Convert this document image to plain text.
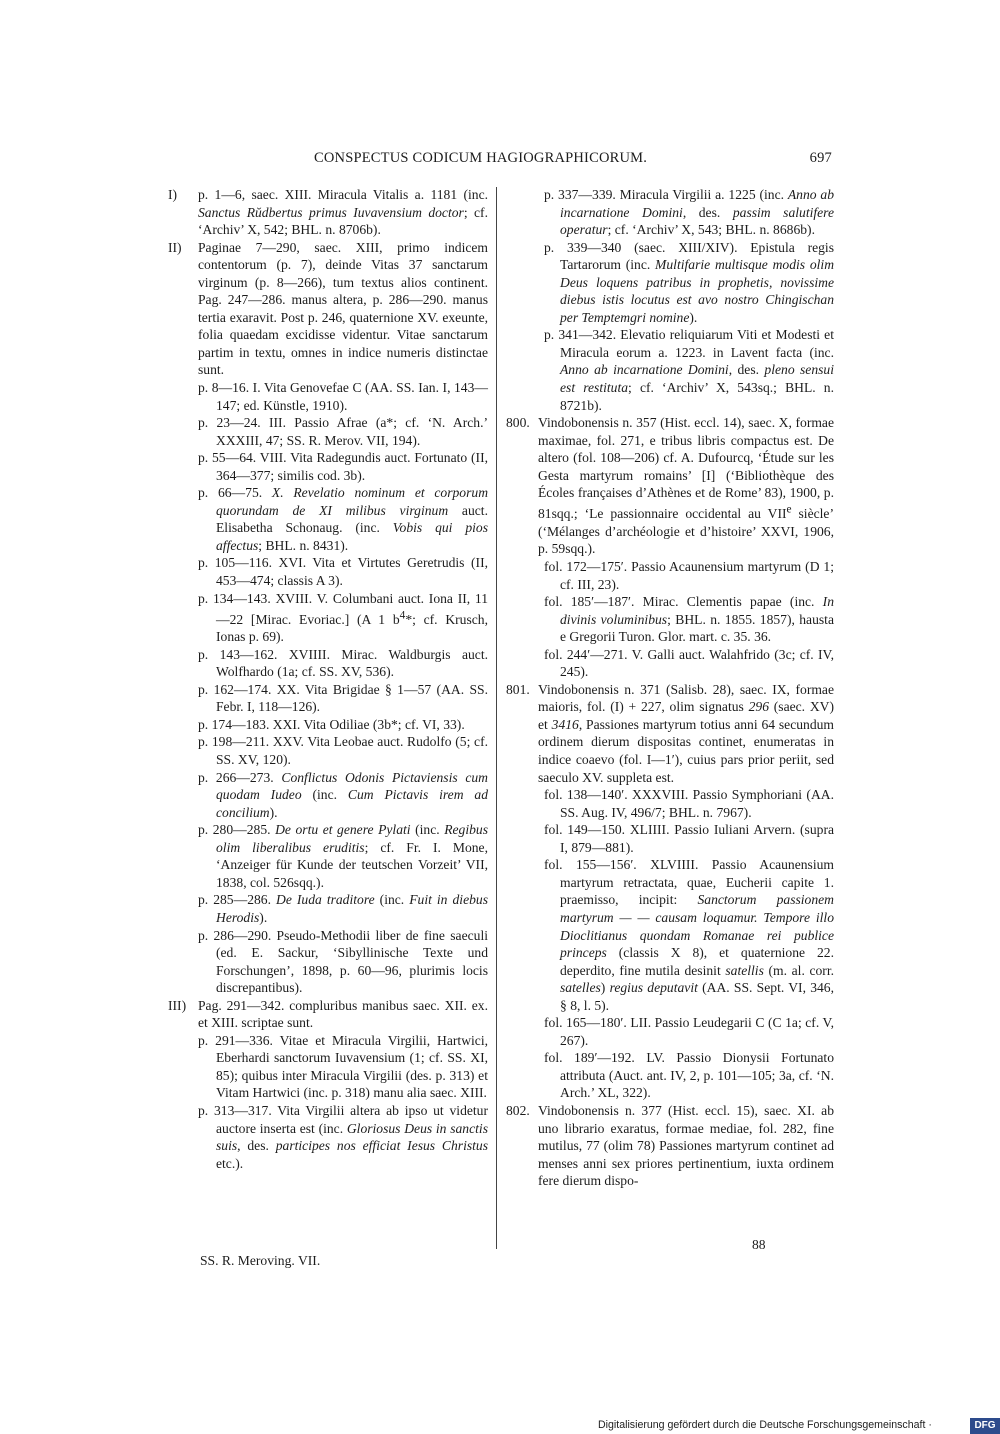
CONSPECTUS CODICUM HAGIOGRAPHICORUM.	697
I) p. 1—6, saec. XIII. Miracula Vitalis a. 1181 (inc. Sanctus Rŭdbertus primus Iuvavensium doctor; cf. ‘Archiv’ X, 542; BHL. n. 8706b).
II) Paginae 7—290, saec. XIII, primo indicem contentorum (p. 7), deinde Vitas 37 sanctarum virginum (p. 8—266), tum textus alios continent. Pag. 247—286. manus altera, p. 286—290. manus tertia exaravit. Post p. 246, quaternione XV. exeunte, folia quaedam excidisse videntur. Vitae sanctarum partim in textu, omnes in indice numeris distinctae sunt.
p. 8—16. I. Vita Genovefae C (AA. SS. Ian. I, 143—147; ed. Künstle, 1910).
p. 23—24. III. Passio Afrae (a*; cf. ‘N. Arch.’ XXXIII, 47; SS. R. Merov. VII, 194).
p. 55—64. VIII. Vita Radegundis auct. Fortunato (II, 364—377; similis cod. 3b).
p. 66—75. X. Revelatio nominum et corporum quorundam de XI milibus virginum auct. Elisabetha Schonaug. (inc. Vobis qui pios affectus; BHL. n. 8431).
p. 105—116. XVI. Vita et Virtutes Geretrudis (II, 453—474; classis A 3).
p. 134—143. XVIII. V. Columbani auct. Iona II, 11—22 [Mirac. Evoriac.] (A 1 $b^4*$; cf. Krusch, Ionas p. 69).
p. 143—162. XVIIII. Mirac. Waldburgis auct. Wolfhardo (1a; cf. SS. XV, 536).
p. 162—174. XX. Vita Brigidae § 1—57 (AA. SS. Febr. I, 118—126).
p. 174—183. XXI. Vita Odiliae (3b*; cf. VI, 33).
p. 198—211. XXV. Vita Leobae auct. Rudolfo (5; cf. SS. XV, 120).
p. 266—273. Conflictus Odonis Pictaviensis cum quodam Iudeo (inc. Cum Pictavis irem ad concilium).
p. 280—285. De ortu et genere Pylati (inc. Regibus olim liberalibus eruditis; cf. Fr. I. Mone, ‘Anzeiger für Kunde der teutschen Vorzeit’ VII, 1838, col. 526sqq.).
p. 285—286. De Iuda traditore (inc. Fuit in diebus Herodis).
p. 286—290. Pseudo-Methodii liber de fine saeculi (ed. E. Sackur, ‘Sibyllinische Texte und Forschungen’, 1898, p. 60—96, plurimis locis discrepantibus).
III) Pag. 291—342. compluribus manibus saec. XII. ex. et XIII. scriptae sunt.
p. 291—336. Vitae et Miracula Virgilii, Hartwici, Eberhardi sanctorum Iuvavensium (1; cf. SS. XI, 85); quibus inter Miracula Virgilii (des. p. 313) et Vitam Hartwici (inc. p. 318) manu alia saec. XIII.
p. 313—317. Vita Virgilii altera ab ipso ut videtur auctore inserta est (inc. Gloriosus Deus in sanctis suis, des. participes nos efficiat Iesus Christus etc.).
p. 337—339. Miracula Virgilii a. 1225 (inc. Anno ab incarnatione Domini, des. passim salutifere operatur; cf. ‘Archiv’ X, 543; BHL. n. 8686b).
p. 339—340 (saec. XIII/XIV). Epistula regis Tartarorum (inc. Multifarie multisque modis olim Deus loquens patribus in prophetis, novissime diebus istis locutus est avo nostro Chingischan per Temptemgri nomine).
p. 341—342. Elevatio reliquiarum Viti et Modesti et Miracula eorum a. 1223. in Lavent facta (inc. Anno ab incarnatione Domini, des. pleno sensui est restituta; cf. ‘Archiv’ X, 543sq.; BHL. n. 8721b).
800. Vindobonensis n. 357 (Hist. eccl. 14), saec. X, formae maximae, fol. 271, e tribus libris compactus est. De altero (fol. 108—206) cf. A. Dufourcq, ‘Étude sur les Gesta martyrum romains’ [I] (‘Bibliothèque des Écoles françaises d’Athènes et de Rome’ 83), 1900, p. 81sqq.; ‘Le passionnaire occidental au VIIe siècle’ (‘Mélanges d’archéologie et d’histoire’ XXVI, 1906, p. 59sqq.).
fol. 172—175′. Passio Acaunensium martyrum (D 1; cf. III, 23).
fol. 185′—187′. Mirac. Clementis papae (inc. In divinis voluminibus; BHL. n. 1855. 1857), hausta e Gregorii Turon. Glor. mart. c. 35. 36.
fol. 244′—271. V. Galli auct. Walahfrido (3c; cf. IV, 245).
801. Vindobonensis n. 371 (Salisb. 28), saec. IX, formae maioris, fol. (I) + 227, olim signatus 296 (saec. XV) et 3416, Passiones martyrum totius anni 64 secundum ordinem dierum dispositas continet, enumeratas in indice coaevo (fol. I—1′), cuius pars prior periit, sed saeculo XV. suppleta est.
fol. 138—140′. XXXVIII. Passio Symphoriani (AA. SS. Aug. IV, 496/7; BHL. n. 7967).
fol. 149—150. XLIIII. Passio Iuliani Arvern. (supra I, 879—881).
fol. 155—156′. XLVIIII. Passio Acaunensium martyrum retractata, quae, Eucherii capite 1. praemisso, incipit: Sanctorum passionem martyrum — — causam loquamur. Tempore illo Dioclitianus quondam Romanae rei publice princeps (classis X 8), et quaternione 22. deperdito, fine mutila desinit satellis (m. al. corr. satelles) regius deputavit (AA. SS. Sept. VI, 346, § 8, l. 5).
fol. 165—180′. LII. Passio Leudegarii C (C 1a; cf. V, 267).
fol. 189′—192. LV. Passio Dionysii Fortunato attributa (Auct. ant. IV, 2, p. 101—105; 3a, cf. ‘N. Arch.’ XL, 322).
802. Vindobonensis n. 377 (Hist. eccl. 15), saec. XI. ab uno librario exaratus, formae mediae, fol. 282, fine mutilus, 77 (olim 78) Passiones martyrum continet ad menses anni sex priores pertinentium, iuxta ordinem fere dierum dispo-
SS. R. Meroving. VII.
88
Digitalisierung gefördert durch die Deutsche Forschungsgemeinschaft ·	DFG
